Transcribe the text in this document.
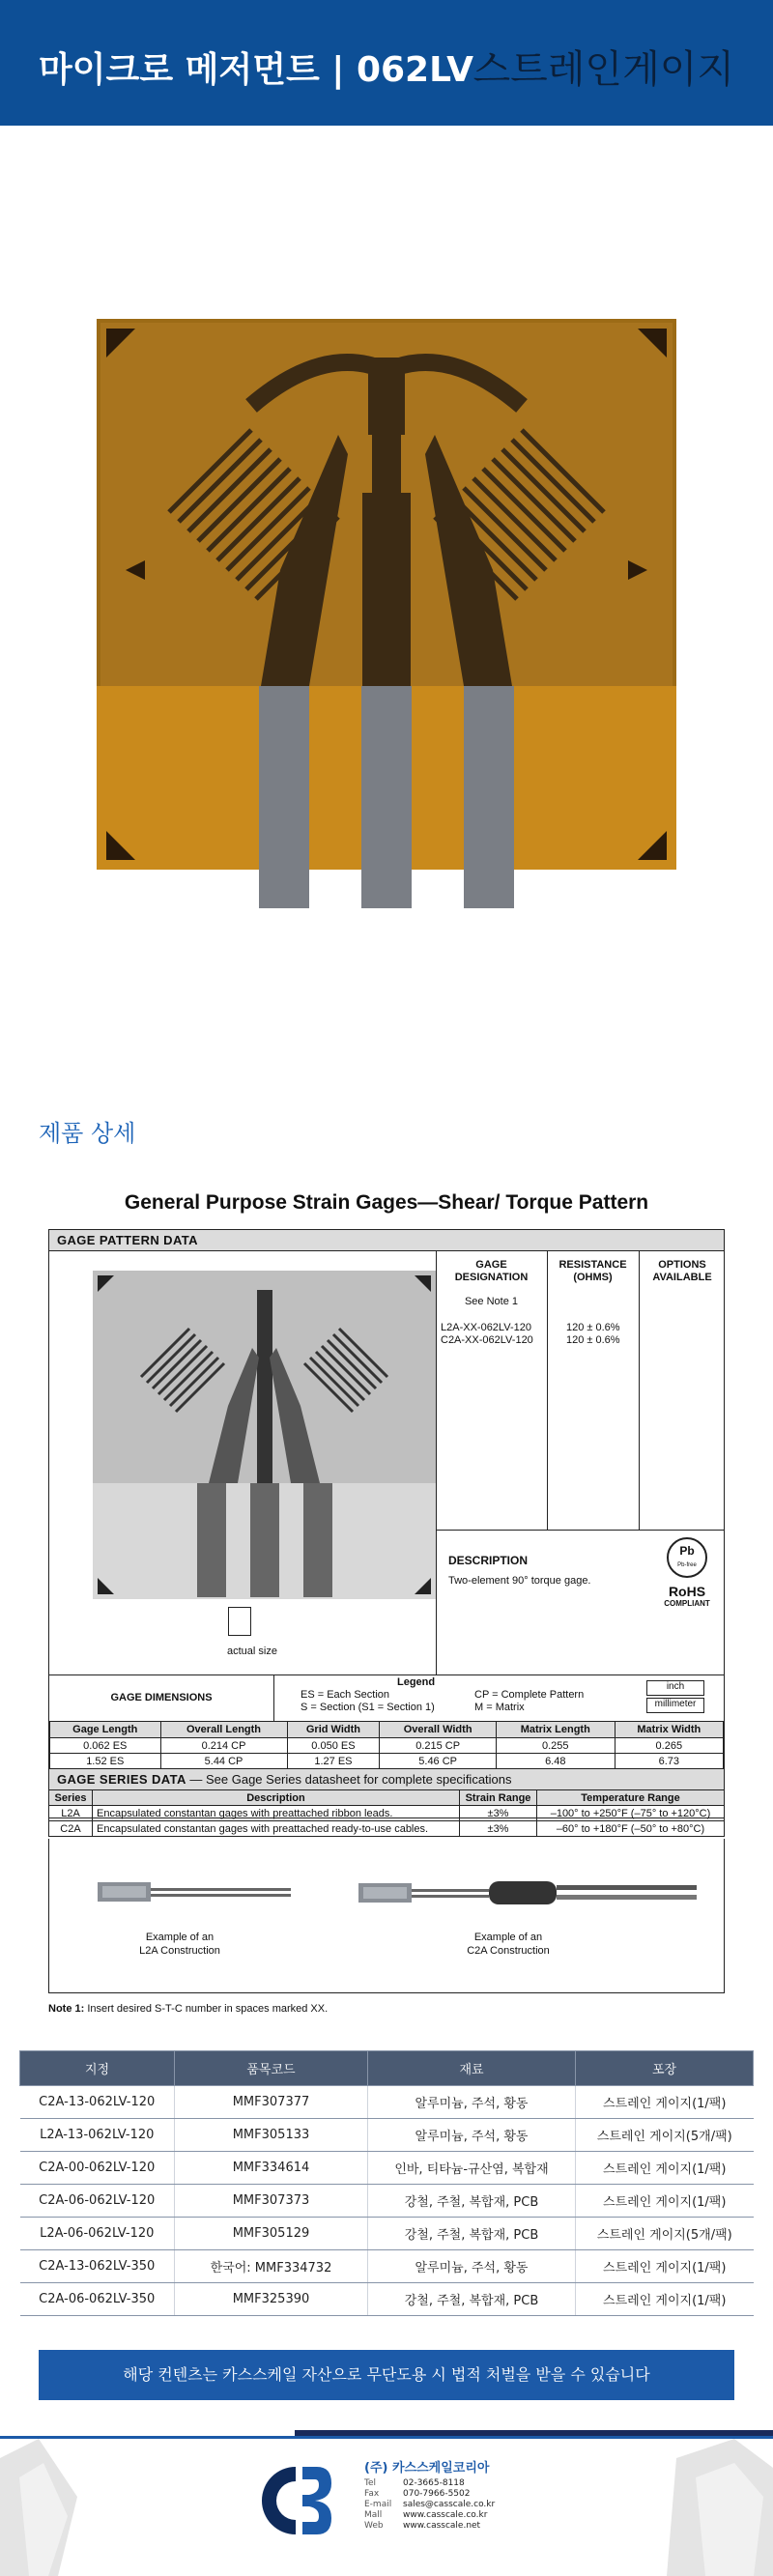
마이크로 메저먼트 | 062LV 스트레인게이지
제품 상세
General Purpose Strain Gages—Shear/ Torque Pattern
GAGE PATTERN DATA
actual size
GAGE DESIGNATION
See Note 1
RESISTANCE (OHMS)
OPTIONS AVAILABLE
L2A-XX-062LV-120
C2A-XX-062LV-120
120 ± 0.6%
120 ± 0.6%
DESCRIPTION
Two-element 90° torque gage.
Pb
Pb-free
RoHS
COMPLIANT
GAGE DIMENSIONS
Legend
ES = Each Section
S = Section (S1 = Section 1)
CP = Complete Pattern
M = Matrix
inch
millimeter
Gage Length	Overall Length	Grid Width	Overall Width	Matrix Length	Matrix Width
0.062 ES	0.214 CP	0.050 ES	0.215 CP	0.255	0.265
1.52 ES	5.44 CP	1.27 ES	5.46 CP	6.48	6.73
GAGE SERIES DATA — See Gage Series datasheet for complete specifications
Series	Description	Strain Range	Temperature Range
L2A	Encapsulated constantan gages with preattached ribbon leads.	±3%	–100° to +250°F (–75° to +120°C)
C2A	Encapsulated constantan gages with preattached ready-to-use cables.	±3%	–60° to +180°F (–50° to +80°C)
Example of an
L2A Construction
Example of an
C2A Construction
Note 1: Insert desired S-T-C number in spaces marked XX.
지정	품목코드	재료	포장
C2A-13-062LV-120	MMF307377	알루미늄, 주석, 황동	스트레인 게이지(1/팩)
L2A-13-062LV-120	MMF305133	알루미늄, 주석, 황동	스트레인 게이지(5개/팩)
C2A-00-062LV-120	MMF334614	인바, 티타늄-규산염, 복합재	스트레인 게이지(1/팩)
C2A-06-062LV-120	MMF307373	강철, 주철, 복합재, PCB	스트레인 게이지(1/팩)
L2A-06-062LV-120	MMF305129	강철, 주철, 복합재, PCB	스트레인 게이지(5개/팩)
C2A-13-062LV-350	한국어: MMF334732	알루미늄, 주석, 황동	스트레인 게이지(1/팩)
C2A-06-062LV-350	MMF325390	강철, 주철, 복합재, PCB	스트레인 게이지(1/팩)
해당 컨텐츠는 카스스케일 자산으로 무단도용 시 법적 처벌을 받을 수 있습니다
(주) 카스스케일코리아
Tel	02-3665-8118
Fax	070-7966-5502
E-mail sales@casscale.co.kr
Mall www.casscale.co.kr
Web www.casscale.net
